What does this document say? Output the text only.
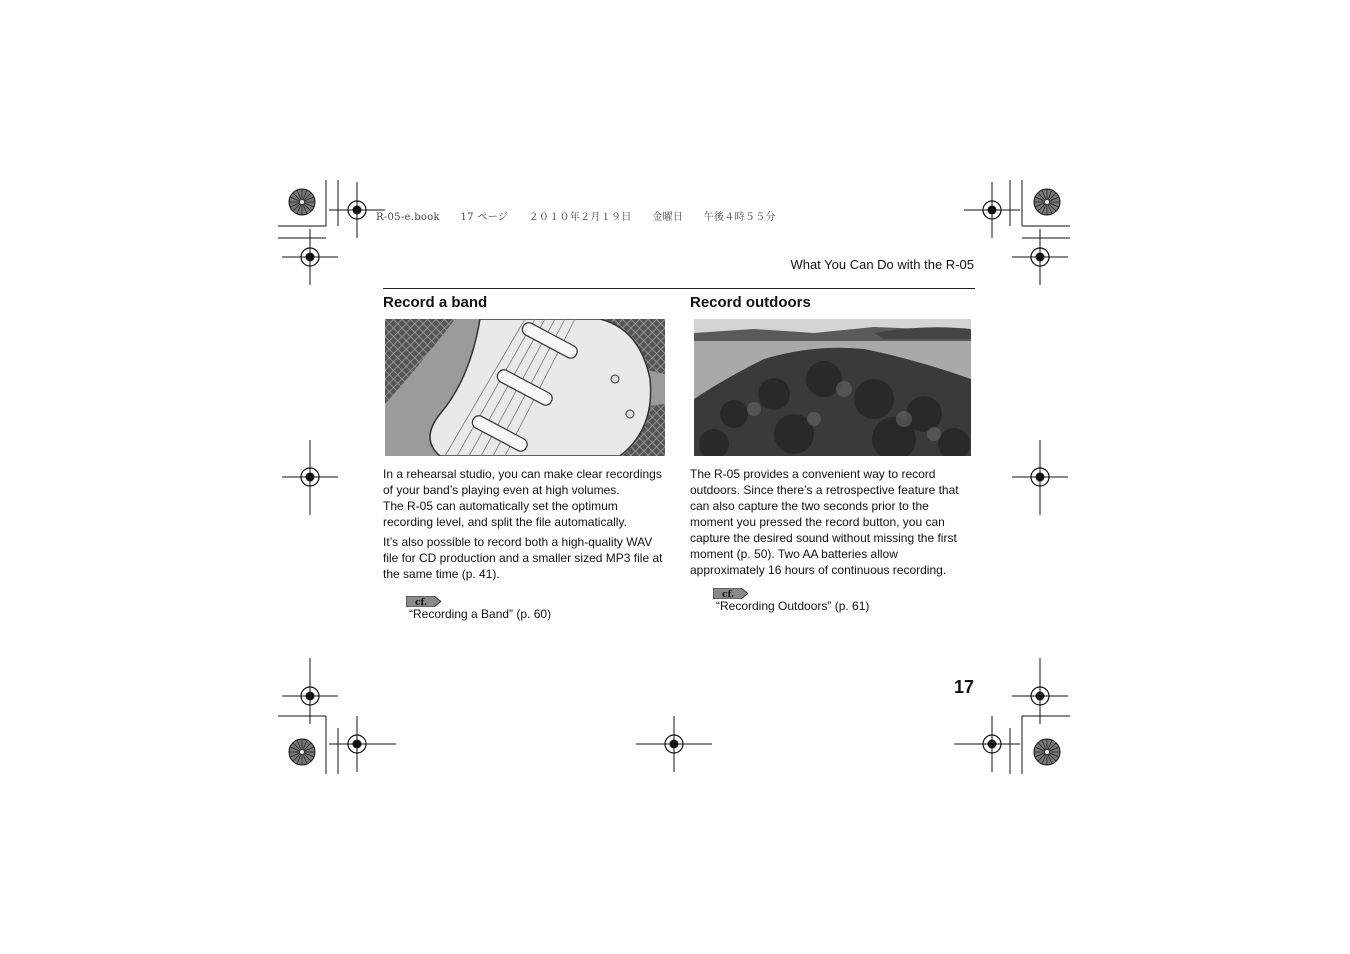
R-05-e.book　　17 ページ　　２０１０年２月１９日　　金曜日　　午後４時５５分
What You Can Do with the R-05
Record a band

In a rehearsal studio, you can make clear recordings of your band’s playing even at high volumes.

The R-05 can automatically set the optimum recording level, and split the file automatically.

It’s also possible to record both a high-quality WAV file for CD production and a smaller sized MP3 file at the same time (p. 41).

cf.
“Recording a Band” (p. 60)
Record outdoors

The R-05 provides a convenient way to record outdoors. Since there’s a retrospective feature that can also capture the two seconds prior to the moment you pressed the record button, you can capture the desired sound without missing the first moment (p. 50). Two AA batteries allow approximately 16 hours of continuous recording.

cf.
“Recording Outdoors” (p. 61)
17
